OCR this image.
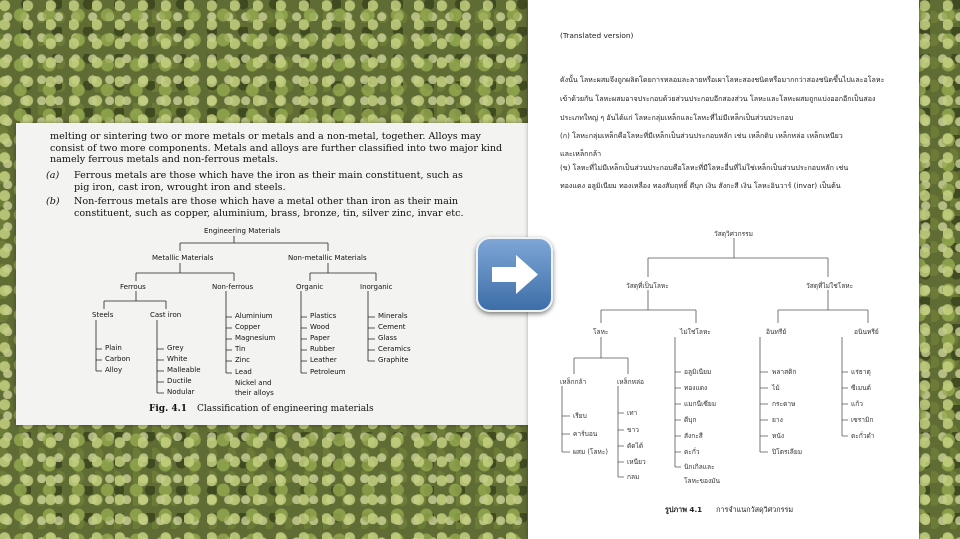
melting or sintering two or more metals or metals and a non-metal, together. Alloys may

consist of two more components. Metals and alloys are further classified into two major kind

namely ferrous metals and non-ferrous metals.

(a) Ferrous metals are those which have the iron as their main constituent, such as
pig iron, cast iron, wrought iron and steels.
(b) Non-ferrous metals are those which have a metal other than iron as their main
constituent, such as copper, aluminium, brass, bronze, tin, silver zinc, invar etc.
Engineering Materials
Metallic Materials	Non-metallic Materials
Ferrous	Non-ferrous	Organic	Inorganic
Steels	Cast iron
Plain
Carbon
Alloy
Grey
White
Malleable
Ductile
Nodular
Aluminium
Copper
Magnesium
Tin
Zinc
Lead
Nickel and
their alloys
Plastics
Wood
Paper
Rubber
Leather
Petroleum
Minerals
Cement
Glass
Ceramics
Graphite
Fig. 4.1 Classification of engineering materials
(Translated version)
ดังนั้น โลหะผสมจึงถูกผลิตโดยการหลอมละลายหรือเผาโลหะสองชนิดหรือมากกว่าสองชนิดขึ้นไปและอโลหะ
เข้าด้วยกัน โลหะผสมอาจประกอบด้วยส่วนประกอบอีกสองส่วน โลหะและโลหะผสมถูกแบ่งออกอีกเป็นสอง
ประเภทใหญ่ ๆ อันได้แก่ โลหะกลุ่มเหล็กและโลหะที่ไม่มีเหล็กเป็นส่วนประกอบ
(ก) โลหะกลุ่มเหล็กคือโลหะที่มีเหล็กเป็นส่วนประกอบหลัก เช่น เหล็กดิบ เหล็กหล่อ เหล็กเหนียว
และเหล็กกล้า
(ข) โลหะที่ไม่มีเหล็กเป็นส่วนประกอบคือโลหะที่มีโลหะอื่นที่ไม่ใช่เหล็กเป็นส่วนประกอบหลัก เช่น
ทองแดง อลูมิเนียม ทองเหลือง ทองสัมฤทธิ์ ดีบุก เงิน สังกะสี เงิน โลหะอินวาร์ (invar) เป็นต้น
วัสดุวิศวกรรม
วัสดุที่เป็นโลหะ	วัสดุที่ไม่ใช่โลหะ
โลหะ	ไม่ใช่โลหะ	อินทรีย์	อนินทรีย์
เหล็กกล้า	เหล็กหล่อ
เรียบ
คาร์บอน
ผสม (โลหะ)
เทา
ขาว
ดัดได้
เหนียว
กลม
อลูมิเนียม
ทองแดง
แมกนีเซียม
ดีบุก
สังกะสี
ตะกั่ว
นิกเกิลและ
โลหะของมัน
พลาสติก
ไม้
กระดาษ
ยาง
หนัง
ปิโตรเลียม
แร่ธาตุ
ซีเมนต์
แก้ว
เซรามิก
ตะกั่วดำ
รูปภาพ 4.1 การจำแนกวัสดุวิศวกรรม
